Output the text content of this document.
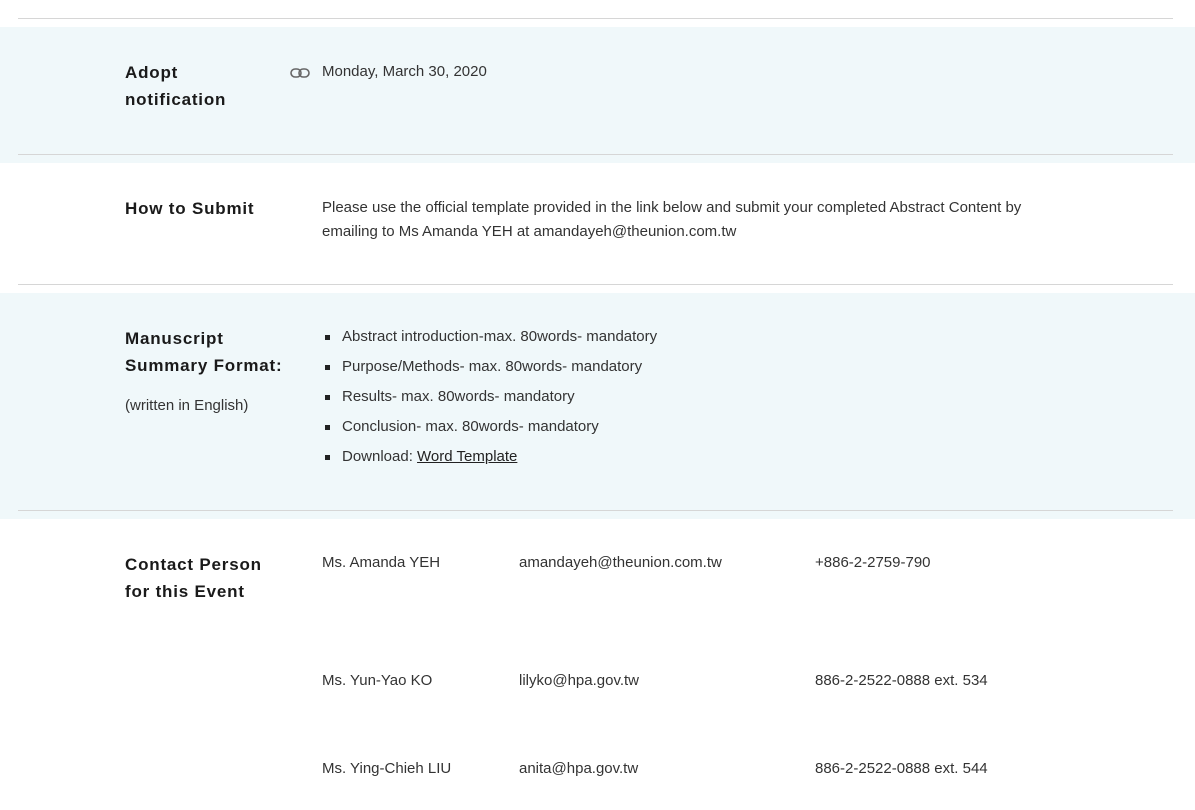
Adopt
notification
Monday, March 30, 2020
How to Submit	Please use the official template provided in the link below and submit your completed Abstract Content by
emailing to Ms Amanda YEH at amandayeh@theunion.com.tw
Manuscript
Summary Format:
(written in English)
Abstract introduction-max. 80words- mandatory
Purpose/Methods- max. 80words- mandatory
Results- max. 80words- mandatory
Conclusion- max. 80words- mandatory
Download: Word Template
Contact Person
for this Event
Ms. Amanda YEH	amandayeh@theunion.com.tw	+886-2-2759-790
Ms. Yun-Yao KO	lilyko@hpa.gov.tw	886-2-2522-0888 ext. 534
Ms. Ying-Chieh LIU	anita@hpa.gov.tw	886-2-2522-0888 ext. 544
